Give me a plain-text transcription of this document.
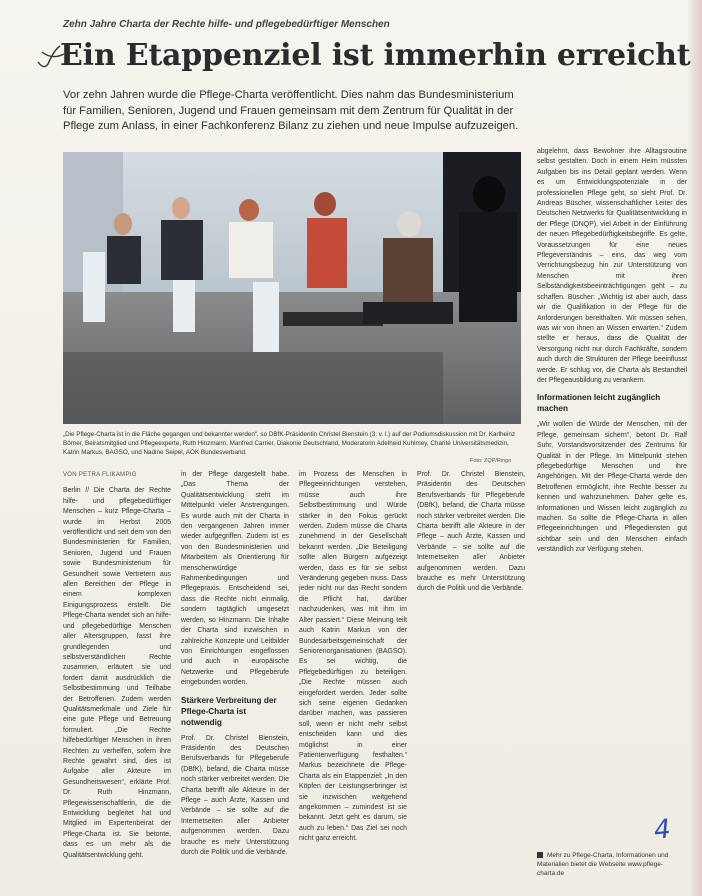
Zehn Jahre Charta der Rechte hilfe- und pflegebedürftiger Menschen
Ein Etappenziel ist immerhin erreicht

Vor zehn Jahren wurde die Pflege-Charta veröffentlicht. Dies nahm das Bundesministerium für Familien, Senioren, Jugend und Frauen gemeinsam mit dem Zentrum für Qualität in der Pflege zum Anlass, in einer Fachkonferenz Bilanz zu ziehen und neue Impulse aufzuzeigen.

„Die Pflege-Charta ist in die Fläche gegangen und bekannter werden“, so DBfK-Präsidentin Christel Bienstein (3. v. l.) auf der Podiumsdiskussion mit Dr. Karlheinz Börner, Beiratsmitglied und Pflegeexperte, Ruth Hinzmann, Manfred Carrier, Diakonie Deutschland, Moderatorin Adelheid Kuhlmey, Charité Universitätsmedizin, Katrin Markus, BAGSO, und Nadine Seipel, AOK Bundesverband.

Foto: ZQP/Ringo
VON PETRA FLIKAMPIG

Berlin // Die Charta der Rechte hilfe- und pflegebedürftiger Menschen – kurz Pflege-Charta – wurde im Herbst 2005 veröffentlicht und seit dem von den Bundesministerien für Familien, Senioren, Jugend und Frauen sowie Bundesministerium für Gesundheit sowie Vertretern aus allen Bereichen der Pflege in einem komplexen Einigungsprozess erstellt. Die Pflege-Charta wendet sich an hilfe- und pflegebedürftige Menschen aller Altersgruppen, fasst ihre grundlegenden und selbstverständlichen Rechte zusammen, erläutert sie und fordert damit ausdrücklich die Selbstbestimmung und Teilhabe der Betroffenen. Zudem werden Qualitätsmerkmale und Ziele für eine gute Pflege und Betreuung formuliert. „Die Rechte hilfebedürftiger Menschen in ihren Rechten zu verhelfen, sofern ihre Rechte gewahrt sind, dies ist Aufgabe aller Akteure im Gesundheitswesen“, erklärte Prof. Dr. Ruth Hinzmann, Pflegewissenschaftlerin, die die Entwicklung begleitet hat und Mitglied im Expertenbeirat der Pflege-Charta ist. Sie betonte, dass es um mehr als die Qualitätsentwicklung geht.

in der Pflege dargestellt habe. „Das Thema der Qualitätsentwicklung steht im Mittelpunkt vieler Anstrengungen. Es wurde auch mit der Charta in den vergangenen Jahren immer wieder aufgegriffen. Zudem ist es von den Bundesministerien und Mitarbeitern als Orientierung für menschenwürdige Rahmenbedingungen und Pflegepraxis. Entscheidend sei, dass die Rechte nicht einmalig, sondern tagtäglich umgesetzt werden, so Hinzmann. Die Inhalte der Charta sind inzwischen in zahlreiche Konzepte und Leitbilder von Einrichtungen eingeflossen und auch in europäische Netzwerke und Pflegeberufe eingebunden worden.

Stärkere Verbreitung der Pflege-Charta ist notwendig

Prof. Dr. Christel Bienstein, Präsidentin des Deutschen Berufsverbands für Pflegeberufe (DBfK), befand, die Charta müsse noch stärker verbreitet werden. Die Charta betrifft alle Akteure in der Pflege – auch Ärzte, Kassen und Verbände – sie sollte auf die Internetseiten aller Anbieter aufgenommen werden. Dazu brauche es mehr Unterstützung durch die Politik und die Verbände.

im Prozess der Menschen in Pflegeeinrichtungen verstehen, müsse auch ihre Selbstbestimmung und Würde stärker in den Fokus gerückt werden. Zudem müsse die Charta zunehmend in der Gesellschaft bekannt werden. „Die Beteiligung sollte allen Bürgern aufgezeigt werden, dass es für sie selbst Veränderung gegeben muss. Dass jeder nicht nur das Recht sondern die Pflicht hat, darüber nachzudenken, was mit ihm im Alter passiert.“ Diese Meinung teilt auch Katrin Markus von der Bundesarbeitsgemeinschaft der Seniorenorganisationen (BAGSO). Es sei wichtig, die Pflegebedürftigen zu beteiligen. „Die Rechte müssen auch eingefordert werden. Jeder sollte sich seine eigenen Gedanken darüber machen, was passieren soll, wenn er nicht mehr selbst entscheiden kann und dies möglichst in einer Patientenverfügung festhalten.“ Markus bezeichnete die Pflege-Charta als ein Etappenziel: „In den Köpfen der Leistungserbringer ist sie inzwischen weitgehend angekommen – zumindest ist sie bekannt. Jetzt geht es darum, sie auch zu leben.“ Das Ziel sei noch nicht ganz erreicht.

abgelehnt, dass Bewohner ihre Alltagsroutine selbst gestalten. Doch in einem Heim müssten Aufgaben bis ins Detail geplant werden. Wenn es um Entwicklungspotenziale in der professionellen Pflege geht, so sieht Prof. Dr. Andreas Büscher, wissenschaftlicher Leiter des Deutschen Netzwerks für Qualitätsentwicklung in der Pflege (DNQP), viel Arbeit in der Einführung der neuen Pflegebedürftigkeitsbegriffe. Es gelte, Voraussetzungen für eine neues Pflegeverständnis – eins, das weg vom Verrichtungsbezug hin zur Unterstützung von Menschen mit ihren Selbständigkeitsbeeinträchtigungen geht – zu schaffen. Büscher: „Wichtig ist aber auch, dass wir die Qualifikation in der Pflege für die Anforderungen bereithalten. Wir müssen sehen, was wir von ihnen an Wissen erwarten.“ Zudem stellte er heraus, dass die Qualität der Versorgung nicht nur durch Fachkräfte, sondern auch durch die Strukturen der Pflege beeinflusst werde. Er schlug vor, die Charta als Bestandteil der Pflegeausbildung zu verankern.

Informationen leicht zugänglich machen

„Wir wollen die Würde der Menschen, mit der Pflege, gemeinsam sichern“, betont Dr. Ralf Suhr, Vorstandsvorsitzender des Zentrums für Qualität in der Pflege. Im Mittelpunkt stehen pflegebedürftige Menschen und ihre Angehörigen. Mit der Pflege-Charta werde den Betroffenen ermöglicht, ihre Rechte besser zu kennen und wahrzunehmen. Daher gelte es, Informationen und Wissen leicht zugänglich zu machen. So sollte die Pflege-Charta in allen Pflegeeinrichtungen und Pflegediensten gut sichtbar sein und den Menschen einfach verständlich zur Verfügung stehen.

Prof. Dr. Christel Bienstein, Präsidentin des Deutschen Berufsverbands für Pflegeberufe (DBfK), befand, die Charta müsse noch stärker verbreitet werden. Die Charta betrifft alle Akteure in der Pflege – auch Ärzte, Kassen und Verbände – sie sollte auf die Internetseiten aller Anbieter aufgenommen werden. Dazu brauche es mehr Unterstützung durch die Politik und die Verbände.

Mehr zu Pflege-Charta, Informationen und Materialien bietet die Webseite www.pflege-charta.de
4
